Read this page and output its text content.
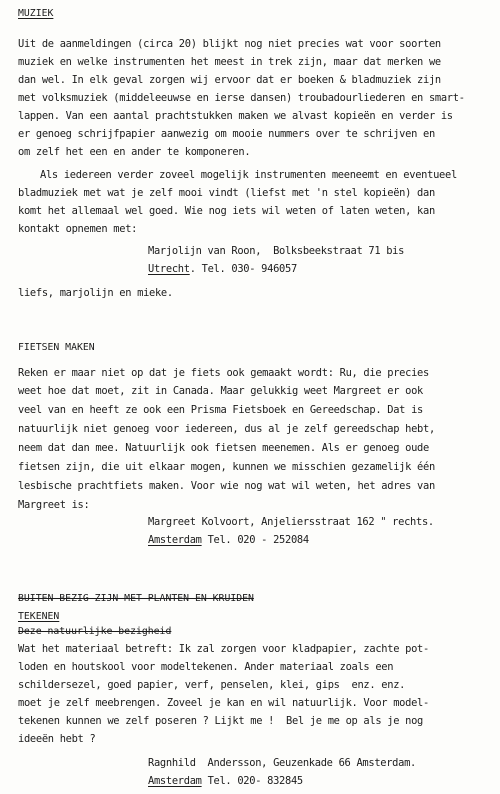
MUZIEK
Uit de aanmeldingen (circa 20) blijkt nog niet precies wat voor soorten
muziek en welke instrumenten het meest in trek zijn, maar dat merken we
dan wel. In elk geval zorgen wij ervoor dat er boeken & bladmuziek zijn
met volksmuziek (middeleeuwse en ierse dansen) troubadourliederen en smart-
lappen. Van een aantal prachtstukken maken we alvast kopieën en verder is
er genoeg schrijfpapier aanwezig om mooie nummers over te schrijven en
om zelf het een en ander te komponeren.
Als iedereen verder zoveel mogelijk instrumenten meeneemt en eventueel
bladmuziek met wat je zelf mooi vindt (liefst met 'n stel kopieën) dan
komt het allemaal wel goed. Wie nog iets wil weten of laten weten, kan
kontakt opnemen met:
Marjolijn van Roon,  Bolksbeekstraat 71 bis
Utrecht. Tel. 030- 946057
liefs, marjolijn en mieke.
FIETSEN MAKEN
Reken er maar niet op dat je fiets ook gemaakt wordt: Ru, die precies
weet hoe dat moet, zit in Canada. Maar gelukkig weet Margreet er ook
veel van en heeft ze ook een Prisma Fietsboek en Gereedschap. Dat is
natuurlijk niet genoeg voor iedereen, dus al je zelf gereedschap hebt,
neem dat dan mee. Natuurlijk ook fietsen meenemen. Als er genoeg oude
fietsen zijn, die uit elkaar mogen, kunnen we misschien gezamelijk één
lesbische prachtfiets maken. Voor wie nog wat wil weten, het adres van
Margreet is:
Margreet Kolvoort, Anjeliersstraat 162 " rechts.
Amsterdam Tel. 020 - 252084
BUITEN BEZIG ZIJN MET PLANTEN EN KRUIDEN
TEKENEN
Deze natuurlijke bezigheid
Wat het materiaal betreft: Ik zal zorgen voor kladpapier, zachte pot-
loden en houtskool voor modeltekenen. Ander materiaal zoals een
schildersezel, goed papier, verf, penselen, klei, gips  enz. enz.
moet je zelf meebrengen. Zoveel je kan en wil natuurlijk. Voor model-
tekenen kunnen we zelf poseren ? Lijkt me !  Bel je me op als je nog
ideeën hebt ?
Ragnhild  Andersson, Geuzenkade 66 Amsterdam.
Amsterdam Tel. 020- 832845
